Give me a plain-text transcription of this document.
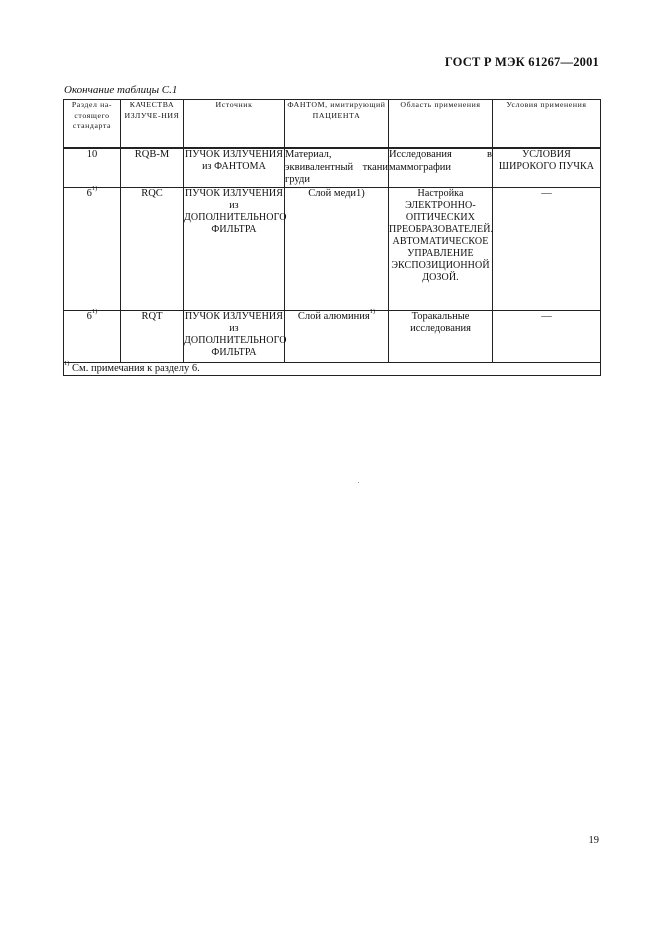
ГОСТ Р МЭК 61267—2001
Окончание таблицы С.1
Раздел на-стоящего стандарта	КАЧЕСТВА ИЗЛУЧЕ-НИЯ	Источник	ФАНТОМ, имитирующий ПАЦИЕНТА	Область применения	Условия применения
10	RQB-M	ПУЧОК ИЗЛУЧЕНИЯ из ФАНТОМА	Материал, эквивалентный ткани груди	Исследования в маммографии	УСЛОВИЯ ШИРОКОГО ПУЧКА
6$^{1)}$	RQC	ПУЧОК ИЗЛУЧЕНИЯ из ДОПОЛНИТЕЛЬНОГО ФИЛЬТРА	Слой меди1)	Настройка ЭЛЕКТРОННО-ОПТИЧЕСКИХ ПРЕОБРАЗОВАТЕЛЕЙ. АВТОМАТИЧЕСКОЕ УПРАВЛЕНИЕ ЭКСПОЗИЦИОННОЙ ДОЗОЙ.	—
6$^{1)}$	RQT	ПУЧОК ИЗЛУЧЕНИЯ из ДОПОЛНИТЕЛЬНОГО ФИЛЬТРА	Слой алюминия$^{1)}$	Торакальные исследования	—
$^{1)}$ См. примечания к разделу 6.					
19
